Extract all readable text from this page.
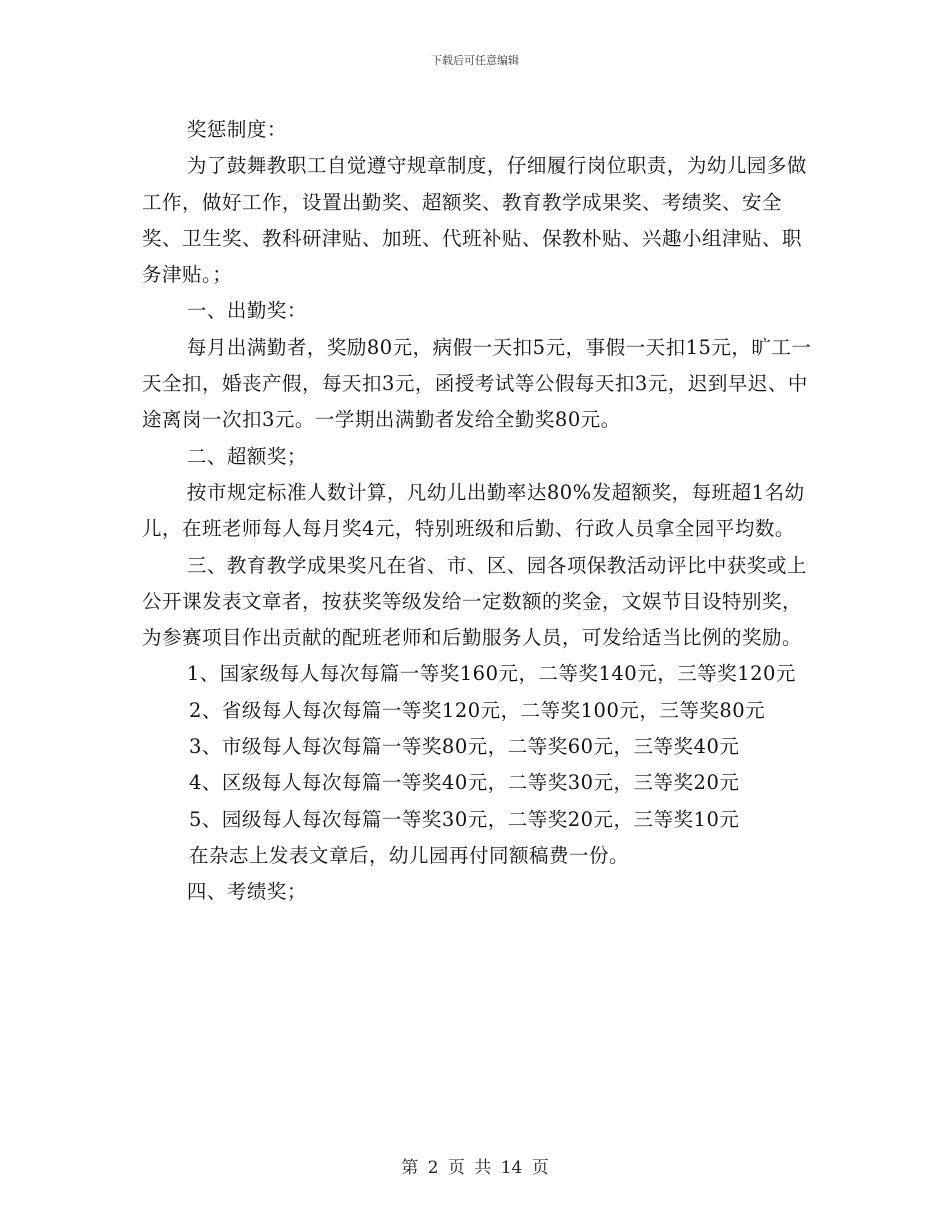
下载后可任意编辑

奖惩制度：

为了鼓舞教职工自觉遵守规章制度，仔细履行岗位职责，为幼儿园多做工作，做好工作，设置出勤奖、超额奖、教育教学成果奖、考绩奖、安全奖、卫生奖、教科研津贴、加班、代班补贴、保教朴贴、兴趣小组津贴、职务津贴。；

一、出勤奖：

每月出满勤者，奖励80元，病假一天扣5元，事假一天扣15元，旷工一天全扣，婚丧产假，每天扣3元，函授考试等公假每天扣3元，迟到早迟、中途离岗一次扣3元。一学期出满勤者发给全勤奖80元。

二、超额奖；

按市规定标准人数计算，凡幼儿出勤率达80%发超额奖，每班超1名幼儿，在班老师每人每月奖4元，特别班级和后勤、行政人员拿全园平均数。

三、教育教学成果奖凡在省、市、区、园各项保教活动评比中获奖或上公开课发表文章者，按获奖等级发给一定数额的奖金，文娱节目设特别奖，为参赛项目作出贡献的配班老师和后勤服务人员，可发给适当比例的奖励。

1、国家级每人每次每篇一等奖160元，二等奖140元，三等奖120元

2、省级每人每次每篇一等奖120元，二等奖100元，三等奖80元

3、市级每人每次每篇一等奖80元，二等奖60元，三等奖40元

4、区级每人每次每篇一等奖40元，二等奖30元，三等奖20元

5、园级每人每次每篇一等奖30元，二等奖20元，三等奖10元

在杂志上发表文章后，幼儿园再付同额稿费一份。

四、考绩奖；

第 2 页 共 14 页
